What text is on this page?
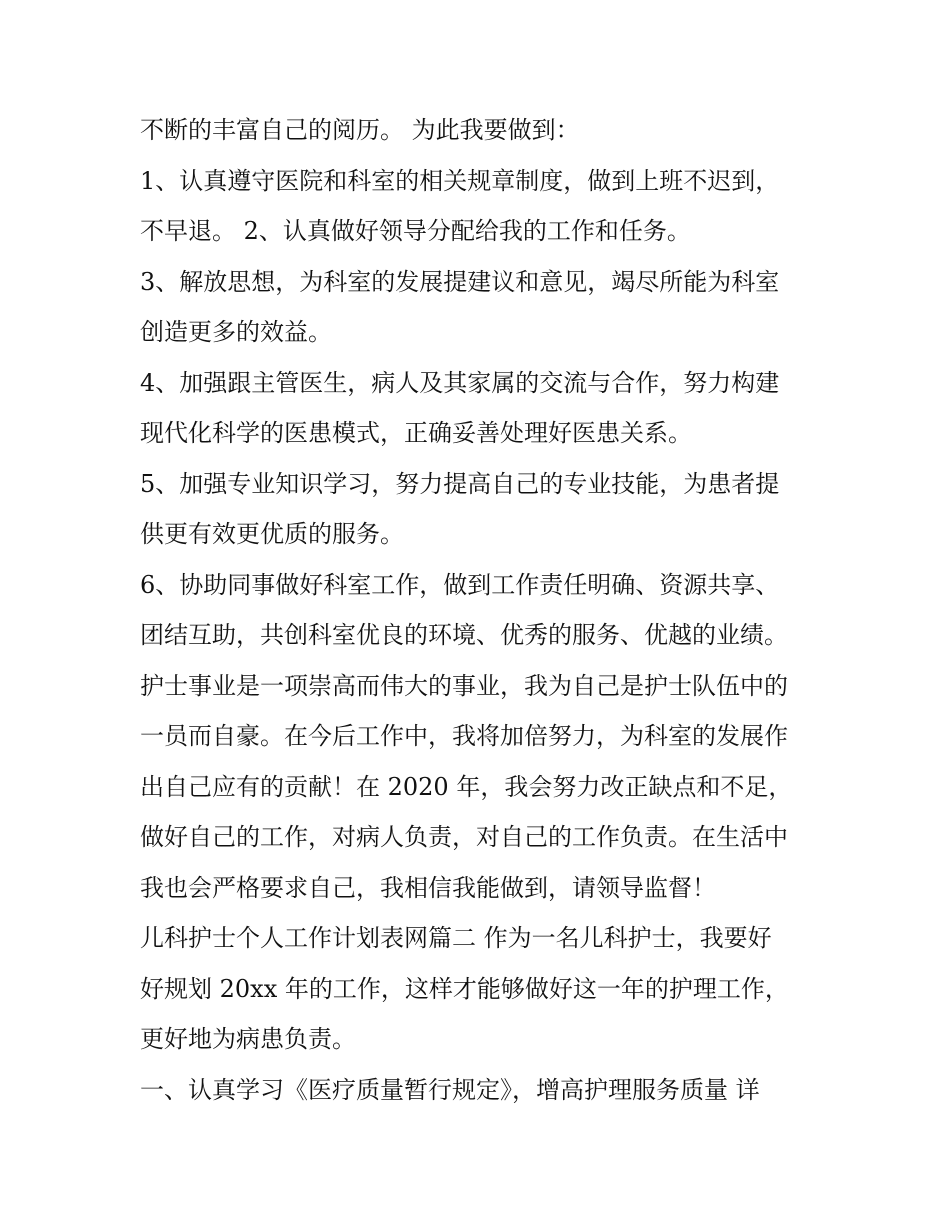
不断的丰富自己的阅历。 为此我要做到：
1、认真遵守医院和科室的相关规章制度，做到上班不迟到，
不早退。 2、认真做好领导分配给我的工作和任务。
3、解放思想，为科室的发展提建议和意见，竭尽所能为科室
创造更多的效益。
4、加强跟主管医生，病人及其家属的交流与合作，努力构建
现代化科学的医患模式，正确妥善处理好医患关系。
5、加强专业知识学习，努力提高自己的专业技能，为患者提
供更有效更优质的服务。
6、协助同事做好科室工作，做到工作责任明确、资源共享、
团结互助，共创科室优良的环境、优秀的服务、优越的业绩。
护士事业是一项崇高而伟大的事业，我为自己是护士队伍中的
一员而自豪。在今后工作中，我将加倍努力，为科室的发展作
出自己应有的贡献！在 2020 年，我会努力改正缺点和不足，
做好自己的工作，对病人负责，对自己的工作负责。在生活中
我也会严格要求自己，我相信我能做到，请领导监督！
儿科护士个人工作计划表网篇二 作为一名儿科护士，我要好
好规划 20xx 年的工作，这样才能够做好这一年的护理工作，
更好地为病患负责。
一、认真学习《医疗质量暂行规定》，增高护理服务质量 详
